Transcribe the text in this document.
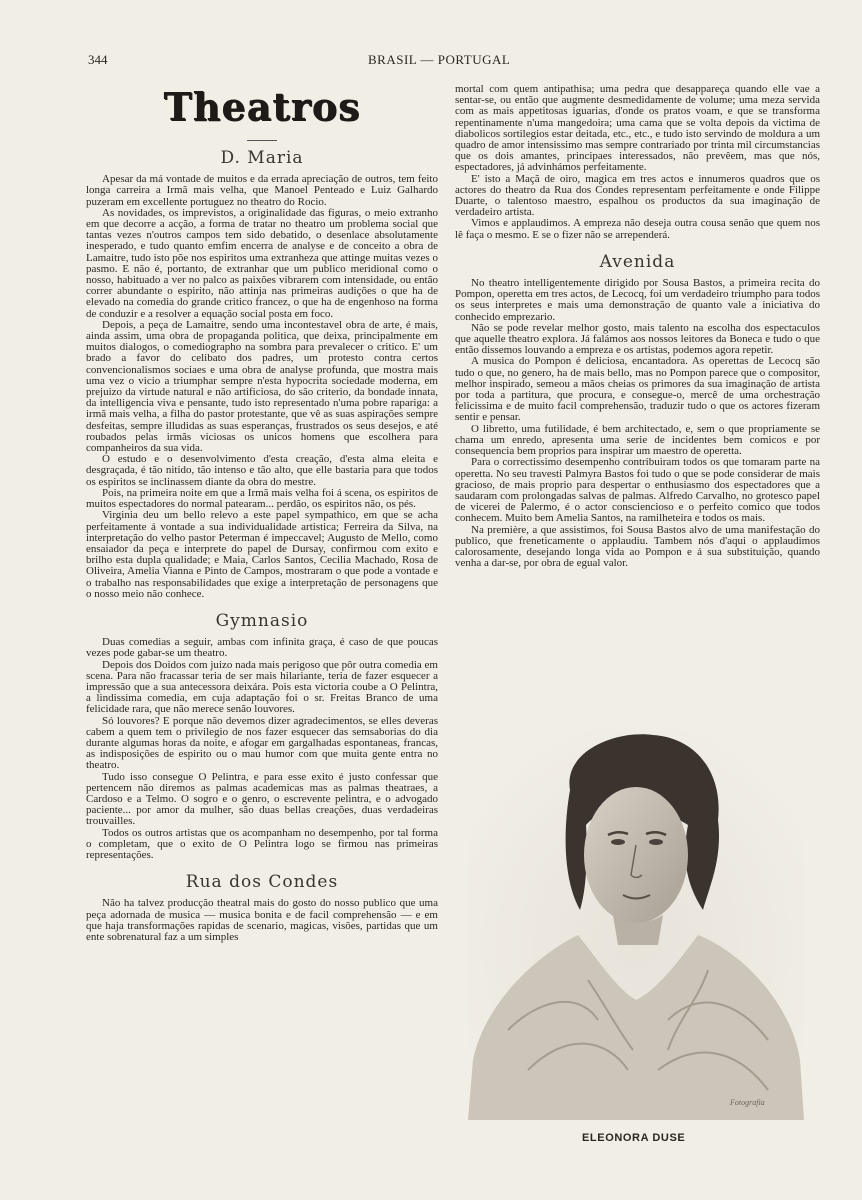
344	BRASIL — PORTUGAL
Theatros
D. Maria

Apesar da má vontade de muitos e da errada apreciação de outros, tem feito longa carreira a Irmã mais velha, que Manoel Penteado e Luiz Galhardo puzeram em excellente portuguez no theatro do Rocio.

As novidades, os imprevistos, a originalidade das figuras, o meio extranho em que decorre a acção, a forma de tratar no theatro um problema social que tantas vezes n'outros campos tem sido debatido, o desenlace absolutamente inesperado, e tudo quanto emfim encerra de analyse e de conceito a obra de Lamaitre, tudo isto põe nos espiritos uma extranheza que attinge muitas vezes o pasmo. E não é, portanto, de extranhar que um publico meridional como o nosso, habituado a ver no palco as paixões vibrarem com intensidade, ou então correr abundante o espirito, não attinja nas primeiras audições o que ha de elevado na comedia do grande critico francez, o que ha de engenhoso na forma de conduzir e a resolver a equação social posta em foco.

Depois, a peça de Lamaitre, sendo uma incontestavel obra de arte, é mais, ainda assim, uma obra de propaganda politica, que deixa, principalmente em muitos dialogos, o comediographo na sombra para prevalecer o critico. E' um brado a favor do celibato dos padres, um protesto contra certos convencionalismos sociaes e uma obra de analyse profunda, que mostra mais uma vez o vicio a triumphar sempre n'esta hypocrita sociedade moderna, em prejuizo da virtude natural e não artificiosa, do são criterio, da bondade innata, da intelligencia viva e pensante, tudo isto representado n'uma pobre rapariga: a irmã mais velha, a filha do pastor protestante, que vê as suas aspirações sempre desfeitas, sempre illudidas as suas esperanças, frustrados os seus desejos, e até roubados pelas irmãs viciosas os unicos homens que escolhera para companheiros da sua vida.

O estudo e o desenvolvimento d'esta creação, d'esta alma eleita e desgraçada, é tão nitido, tão intenso e tão alto, que elle bastaria para que todos os espiritos se inclinassem diante da obra do mestre.

Pois, na primeira noite em que a Irmã mais velha foi á scena, os espiritos de muitos espectadores do normal patearam... perdão, os espiritos não, os pés.

Virginia deu um bello relevo a este papel sympathico, em que se acha perfeitamente á vontade a sua individualidade artistica; Ferreira da Silva, na interpretação do velho pastor Peterman é impeccavel; Augusto de Mello, como ensaiador da peça e interprete do papel de Dursay, confirmou com exito e brilho esta dupla qualidade; e Maia, Carlos Santos, Cecilia Machado, Rosa de Oliveira, Amelia Vianna e Pinto de Campos, mostraram o que pode a vontade e o trabalho nas responsabilidades que exige a interpretação de personagens que o nosso meio não conhece.

Gymnasio

Duas comedias a seguir, ambas com infinita graça, é caso de que poucas vezes pode gabar-se um theatro.

Depois dos Doidos com juizo nada mais perigoso que pôr outra comedia em scena. Para não fracassar teria de ser mais hilariante, teria de fazer esquecer a impressão que a sua antecessora deixára. Pois esta victoria coube a O Pelintra, a lindissima comedia, em cuja adaptação foi o sr. Freitas Branco de uma felicidade rara, que não merece senão louvores.

Só louvores? E porque não devemos dizer agradecimentos, se elles deveras cabem a quem tem o privilegio de nos fazer esquecer das semsaborias do dia durante algumas horas da noite, e afogar em gargalhadas espontaneas, francas, as indisposições de espirito ou o mau humor com que muita gente entra no theatro.

Tudo isso consegue O Pelintra, e para esse exito é justo confessar que pertencem não diremos as palmas academicas mas as palmas theatraes, a Cardoso e a Telmo. O sogro e o genro, o escrevente pelintra, e o advogado paciente... por amor da mulher, são duas bellas creações, duas verdadeiras trouvailles.

Todos os outros artistas que os acompanham no desempenho, por tal forma o completam, que o exito de O Pelintra logo se firmou nas primeiras representações.

Rua dos Condes

Não ha talvez producção theatral mais do gosto do nosso publico que uma peça adornada de musica — musica bonita e de facil comprehensão — e em que haja transformações rapidas de scenario, magicas, visões, partidas que um ente sobrenatural faz a um simples

mortal com quem antipathisa; uma pedra que desappareça quando elle vae a sentar-se, ou então que augmente desmedidamente de volume; uma meza servida com as mais appetitosas iguarias, d'onde os pratos voam, e que se transforma repentinamente n'uma mangedoira; uma cama que se volta depois da victima de diabolicos sortilegios estar deitada, etc., etc., e tudo isto servindo de moldura a um quadro de amor intensissimo mas sempre contrariado por trinta mil circumstancias que os dois amantes, principaes interessados, não prevêem, mas que nós, espectadores, já advinhámos perfeitamente.

E' isto a Maçã de oiro, magica em tres actos e innumeros quadros que os actores do theatro da Rua dos Condes representam perfeitamente e onde Filippe Duarte, o talentoso maestro, espalhou os productos da sua imaginação de verdadeiro artista.

Vimos e applaudimos. A empreza não deseja outra cousa senão que quem nos lê faça o mesmo. E se o fizer não se arrependerá.

Avenida

No theatro intelligentemente dirigido por Sousa Bastos, a primeira recita do Pompon, operetta em tres actos, de Lecocq, foi um verdadeiro triumpho para todos os seus interpretes e mais uma demonstração de quanto vale a iniciativa do conhecido emprezario.

Não se pode revelar melhor gosto, mais talento na escolha dos espectaculos que aquelle theatro explora. Já falámos aos nossos leitores da Boneca e tudo o que então dissemos louvando a empreza e os artistas, podemos agora repetir.

A musica do Pompon é deliciosa, encantadora. As operettas de Lecocq são tudo o que, no genero, ha de mais bello, mas no Pompon parece que o compositor, melhor inspirado, semeou a mãos cheias os primores da sua imaginação de artista por toda a partitura, que procura, e consegue-o, mercê de uma orchestração felicissima e de muito facil comprehensão, traduzir tudo o que os actores fizeram sentir e pensar.

O libretto, uma futilidade, é bem architectado, e, sem o que propriamente se chama um enredo, apresenta uma serie de incidentes bem comicos e por consequencia bem proprios para inspirar um maestro de operetta.

Para o correctissimo desempenho contribuiram todos os que tomaram parte na operetta. No seu travesti Palmyra Bastos foi tudo o que se pode considerar de mais gracioso, de mais proprio para despertar o enthusiasmo dos espectadores que a saudaram com prolongadas salvas de palmas. Alfredo Carvalho, no grotesco papel de vicerei de Palermo, é o actor conscienciosо e o perfeito comico que todos conhecem. Muito bem Amelia Santos, na ramilheteira e todos os mais.

Na première, a que assistimos, foi Sousa Bastos alvo de uma manifestação do publico, que freneticamente o applaudiu. Tambem nós d'aqui o applaudimos calorosamente, desejando longa vida ao Pompon e á sua substituição, quando venha a dar-se, por obra de egual valor.

Fotografia
ELEONORA DUSE
